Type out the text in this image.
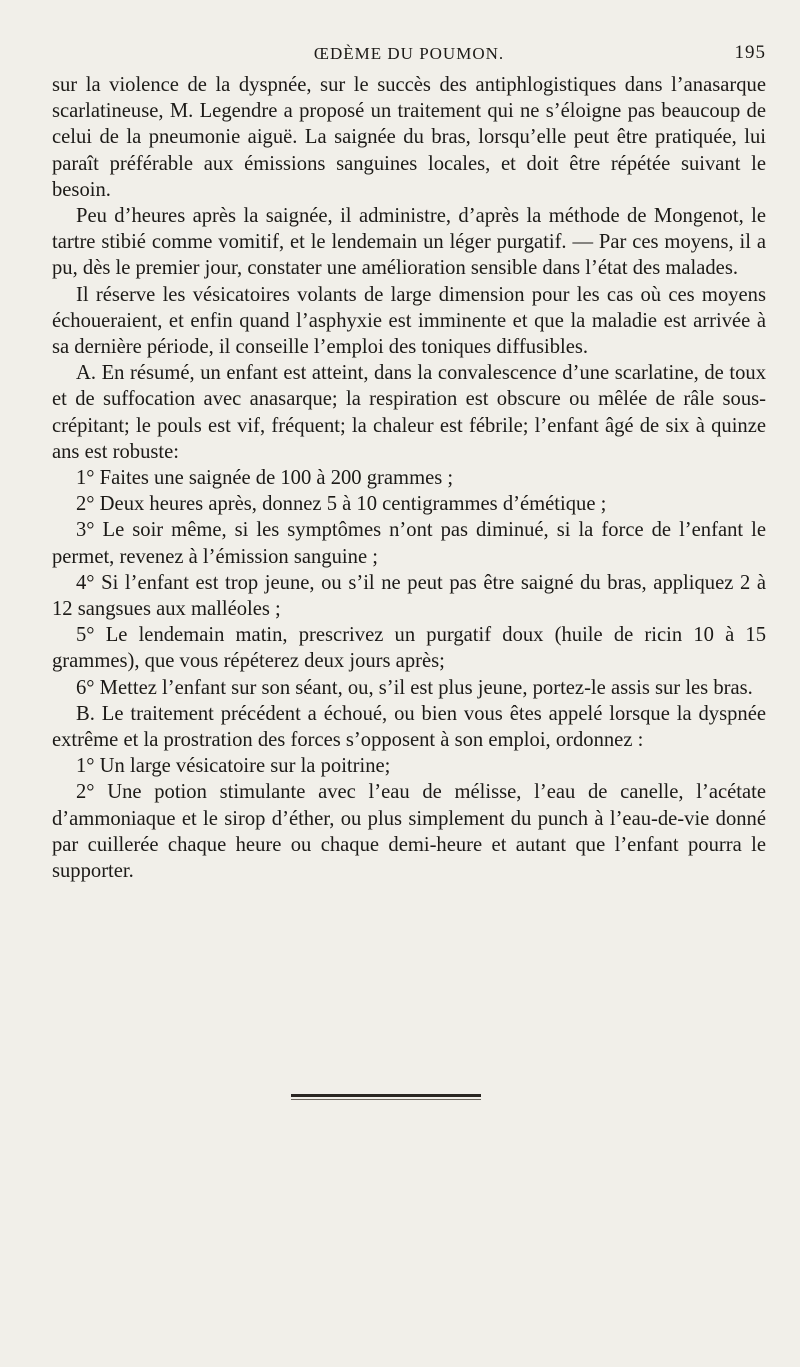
ŒDÈME DU POUMON.	195

sur la violence de la dyspnée, sur le succès des antiphlogistiques dans l’anasarque scarlatineuse, M. Legendre a proposé un traitement qui ne s’éloigne pas beaucoup de celui de la pneumonie aiguë. La saignée du bras, lorsqu’elle peut être pratiquée, lui paraît préférable aux émissions sanguines locales, et doit être répétée suivant le besoin.

Peu d’heures après la saignée, il administre, d’après la méthode de Mongenot, le tartre stibié comme vomitif, et le lendemain un léger purgatif. — Par ces moyens, il a pu, dès le premier jour, constater une amélioration sensible dans l’état des malades.

Il réserve les vésicatoires volants de large dimension pour les cas où ces moyens échoueraient, et enfin quand l’asphyxie est imminente et que la maladie est arrivée à sa dernière période, il conseille l’emploi des toniques diffusibles.

A. En résumé, un enfant est atteint, dans la convalescence d’une scarlatine, de toux et de suffocation avec anasarque; la respiration est obscure ou mêlée de râle sous-crépitant; le pouls est vif, fréquent; la chaleur est fébrile; l’enfant âgé de six à quinze ans est robuste:

1° Faites une saignée de 100 à 200 grammes ;

2° Deux heures après, donnez 5 à 10 centigrammes d’émétique ;

3° Le soir même, si les symptômes n’ont pas diminué, si la force de l’enfant le permet, revenez à l’émission sanguine ;

4° Si l’enfant est trop jeune, ou s’il ne peut pas être saigné du bras, appliquez 2 à 12 sangsues aux malléoles ;

5° Le lendemain matin, prescrivez un purgatif doux (huile de ricin 10 à 15 grammes), que vous répéterez deux jours après;

6° Mettez l’enfant sur son séant, ou, s’il est plus jeune, portez-le assis sur les bras.

B. Le traitement précédent a échoué, ou bien vous êtes appelé lorsque la dyspnée extrême et la prostration des forces s’opposent à son emploi, ordonnez :

1° Un large vésicatoire sur la poitrine;

2° Une potion stimulante avec l’eau de mélisse, l’eau de canelle, l’acétate d’ammoniaque et le sirop d’éther, ou plus simplement du punch à l’eau-de-vie donné par cuillerée chaque heure ou chaque demi-heure et autant que l’enfant pourra le supporter.
